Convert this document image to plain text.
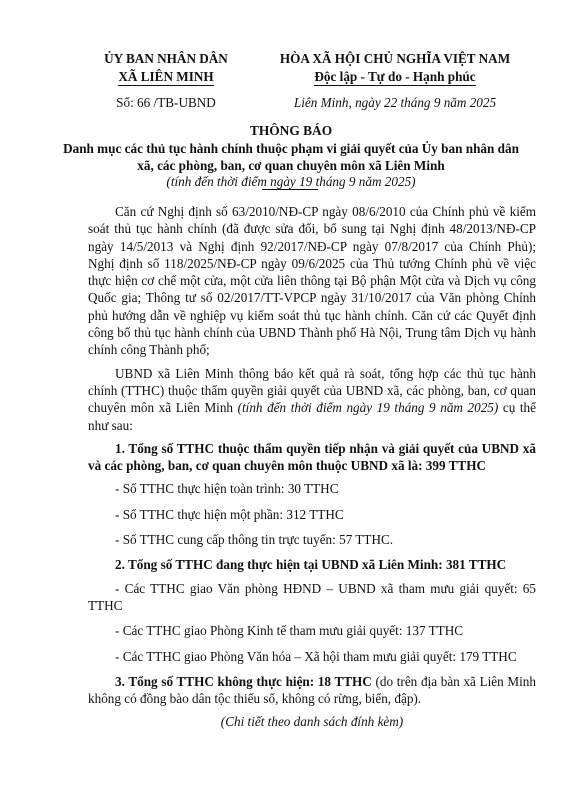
ỦY BAN NHÂN DÂN
XÃ LIÊN MINH
HÒA XÃ HỘI CHỦ NGHĨA VIỆT NAM
Độc lập - Tự do - Hạnh phúc
Số: 66 /TB-UBND	Liên Minh, ngày 22 tháng 9 năm 2025
THÔNG BÁO
Danh mục các thủ tục hành chính thuộc phạm vi giải quyết của Ủy ban nhân dân xã, các phòng, ban, cơ quan chuyên môn xã Liên Minh
(tính đến thời điểm ngày 19 tháng 9 năm 2025)

Căn cứ Nghị định số 63/2010/NĐ-CP ngày 08/6/2010 của Chính phủ về kiểm soát thủ tục hành chính (đã được sửa đổi, bổ sung tại Nghị định 48/2013/NĐ-CP ngày 14/5/2013 và Nghị định 92/2017/NĐ-CP ngày 07/8/2017 của Chính Phủ); Nghị định số 118/2025/NĐ-CP ngày 09/6/2025 của Thủ tướng Chính phủ về việc thực hiện cơ chế một cửa, một cửa liên thông tại Bộ phận Một cửa và Dịch vụ công Quốc gia; Thông tư số 02/2017/TT-VPCP ngày 31/10/2017 của Văn phòng Chính phủ hướng dẫn về nghiệp vụ kiểm soát thủ tục hành chính. Căn cứ các Quyết định công bố thủ tục hành chính của UBND Thành phố Hà Nội, Trung tâm Dịch vụ hành chính công Thành phố;

UBND xã Liên Minh thông báo kết quả rà soát, tổng hợp các thủ tục hành chính (TTHC) thuộc thẩm quyền giải quyết của UBND xã, các phòng, ban, cơ quan chuyên môn xã Liên Minh (tính đến thời điểm ngày 19 tháng 9 năm 2025) cụ thể như sau:

1. Tổng số TTHC thuộc thẩm quyền tiếp nhận và giải quyết của UBND xã và các phòng, ban, cơ quan chuyên môn thuộc UBND xã là: 399 TTHC

- Số TTHC thực hiện toàn trình: 30 TTHC

- Số TTHC thực hiện một phần: 312 TTHC

- Số TTHC cung cấp thông tin trực tuyến: 57 TTHC.

2. Tổng số TTHC đang thực hiện tại UBND xã Liên Minh: 381 TTHC

- Các TTHC giao Văn phòng HĐND – UBND xã tham mưu giải quyết: 65 TTHC

- Các TTHC giao Phòng Kinh tế tham mưu giải quyết: 137 TTHC

- Các TTHC giao Phòng Văn hóa – Xã hội tham mưu giải quyết: 179 TTHC

3. Tổng số TTHC không thực hiện: 18 TTHC (do trên địa bàn xã Liên Minh không có đồng bào dân tộc thiểu số, không có rừng, biển, đập).

(Chi tiết theo danh sách đính kèm)
